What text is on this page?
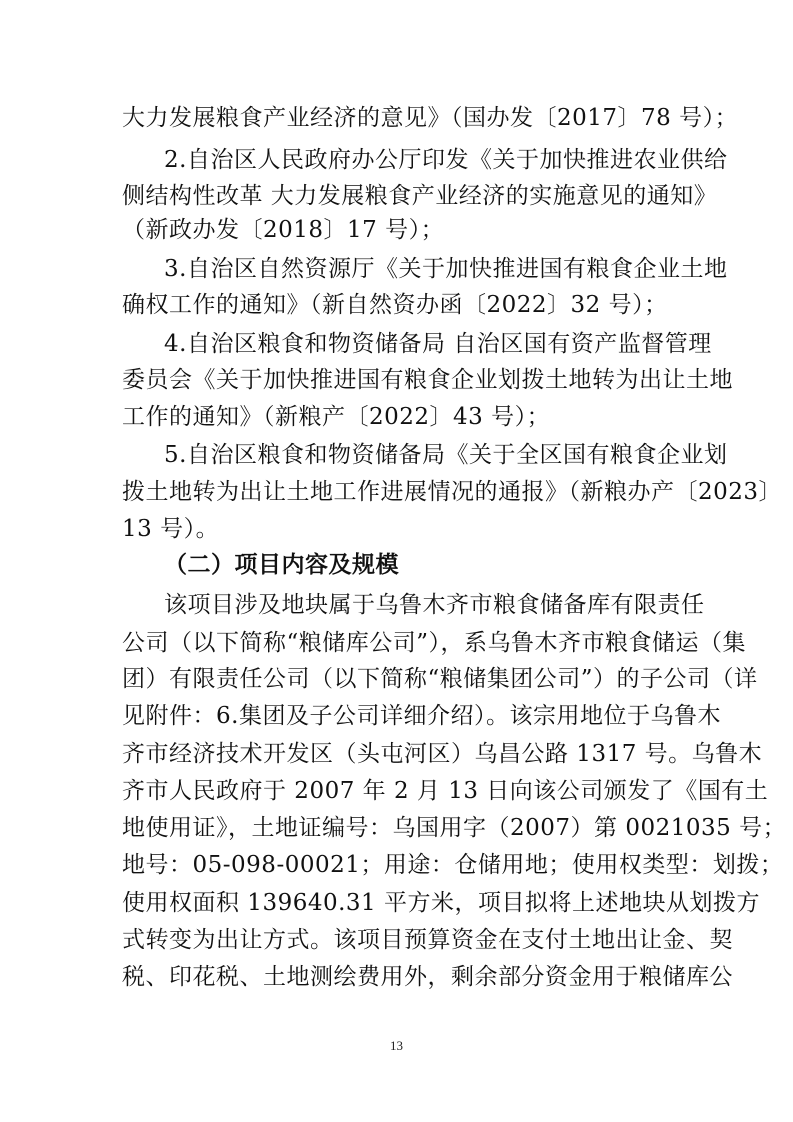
大力发展粮食产业经济的意见》（国办发〔2017〕78 号）；
2.自治区人民政府办公厅印发《关于加快推进农业供给
侧结构性改革 大力发展粮食产业经济的实施意见的通知》
（新政办发〔2018〕17 号）；
3.自治区自然资源厅《关于加快推进国有粮食企业土地
确权工作的通知》（新自然资办函〔2022〕32 号）；
4.自治区粮食和物资储备局 自治区国有资产监督管理
委员会《关于加快推进国有粮食企业划拨土地转为出让土地
工作的通知》（新粮产〔2022〕43 号）；
5.自治区粮食和物资储备局《关于全区国有粮食企业划
拨土地转为出让土地工作进展情况的通报》（新粮办产〔2023〕
13 号）。
（二）项目内容及规模
该项目涉及地块属于乌鲁木齐市粮食储备库有限责任
公司（以下简称“粮储库公司”），系乌鲁木齐市粮食储运（集
团）有限责任公司（以下简称“粮储集团公司”）的子公司（详
见附件：6.集团及子公司详细介绍）。该宗用地位于乌鲁木
齐市经济技术开发区（头屯河区）乌昌公路 1317 号。乌鲁木
齐市人民政府于 2007 年 2 月 13 日向该公司颁发了《国有土
地使用证》，土地证编号：乌国用字（2007）第 0021035 号；
地号：05-098-00021；用途：仓储用地；使用权类型：划拨；
使用权面积 139640.31 平方米，项目拟将上述地块从划拨方
式转变为出让方式。该项目预算资金在支付土地出让金、契
税、印花税、土地测绘费用外，剩余部分资金用于粮储库公
13
